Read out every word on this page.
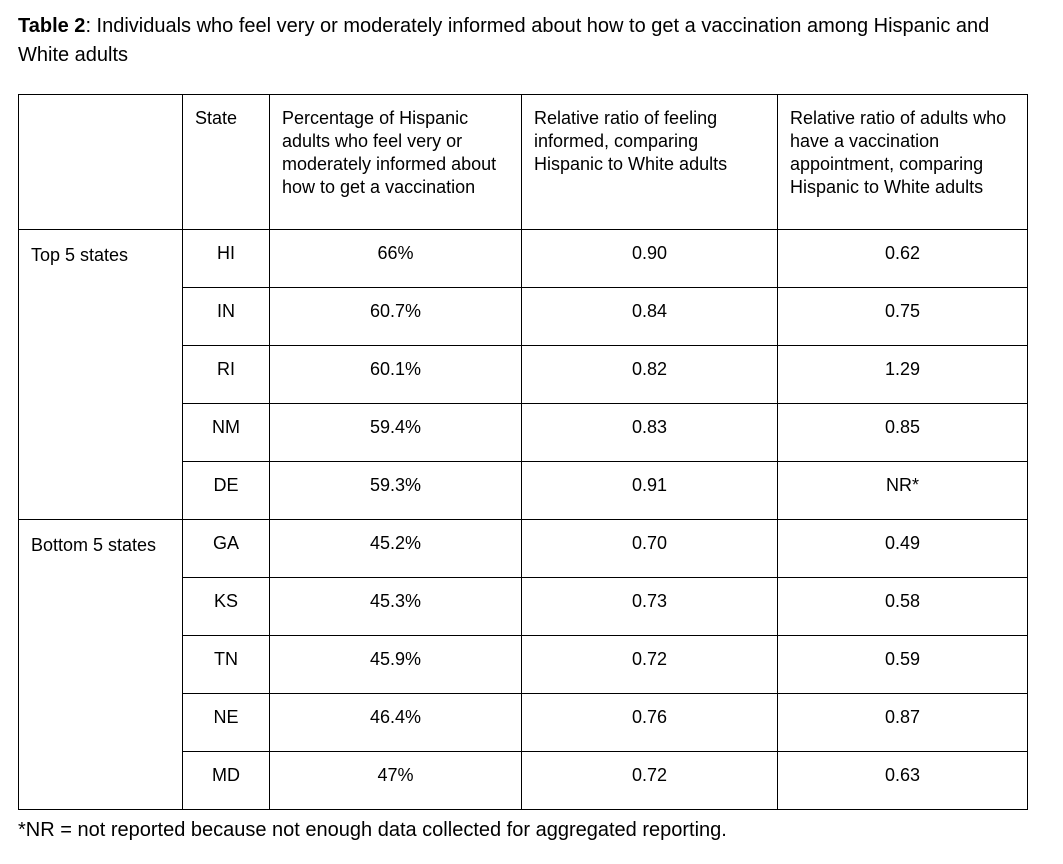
Table 2: Individuals who feel very or moderately informed about how to get a vaccination among Hispanic and White adults
	State	Percentage of Hispanic adults who feel very or moderately informed about how to get a vaccination	Relative ratio of feeling informed, comparing Hispanic to White adults	Relative ratio of adults who have a vaccination appointment, comparing Hispanic to White adults
Top 5 states	HI	66%	0.90	0.62
	IN	60.7%	0.84	0.75
	RI	60.1%	0.82	1.29
	NM	59.4%	0.83	0.85
	DE	59.3%	0.91	NR*
Bottom 5 states	GA	45.2%	0.70	0.49
	KS	45.3%	0.73	0.58
	TN	45.9%	0.72	0.59
	NE	46.4%	0.76	0.87
	MD	47%	0.72	0.63
*NR = not reported because not enough data collected for aggregated reporting.
